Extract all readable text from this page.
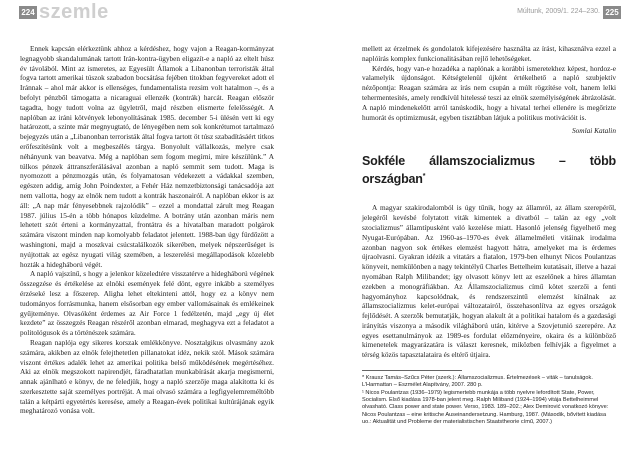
224 szemle	Múltunk, 2009/1. 224–230. 225

Ennek kapcsán elérkeztünk ahhoz a kérdéshez, hogy vajon a Reagan-kormányzat legnagyobb skandalumának tartott Irán-kontra-ügyben eligazít-e a napló az eltelt húsz év távolából. Mint az ismeretes, az Egyesült Államok a Libanonban terroristák által fogva tartott amerikai túszok szabadon bocsátása fejében titokban fegyvereket adott el Iránnak – ahol már akkor is ellenséges, fundamentalista rezsim volt hatalmon –, és a befolyt pénzből támogatta a nicaraguai ellenzék (kontrák) harcát. Reagan először tagadta, hogy tudott volna az ügyletről, majd részben elismerte felelősségét. A naplóban az iráni kötvények lebonyolításának 1985. december 5-i ülésén vett ki egy határozott, a szinte már megnyugtató, de lényegében nem sok konkrétumot tartalmazó bejegyzés után a „Libanonban terroristák által fogva tartott öt túsz szabadításáért titkos erőfeszítésünk volt a megbeszélés tárgya. Bonyolult vállalkozás, melyre csak néhányunk van beavatva. Még a naplóban sem fogom megírni, mire készülünk.” A túlkos pénzek áttranszferálásával azonban a napló semmit sem tudott. Maga is nyomozott a pénzmozgás után, és folyamatosan védekezett a vádakkal szemben, egészen addig, amíg John Poindexter, a Fehér Ház nemzetbiztonsági tanácsadója azt nem vallotta, hogy az elnök nem tudott a kontrák haszonairól. A naplóban ekkor is az áll: „A nap már fényesebbnek rajzolódik” – ezzel a mondattal zárult meg Reagan 1987. július 15-én a több hónapos küzdelme. A botrány után azonban máris nem lehetett szót érteni a kormányzattal, frontátra és a hivatalban maradott polgárok számára viszont minden nap komolyabb feladatot jelentett. 1988-ban úgy fürdőzött a washingtoni, majd a moszkvai csúcstalálkozók sikerében, melyek népszerűséget is nyújtottak az egész nyugati világ szemében, a leszerelési megállapodások közelebb hozták a hidegháború végét.

A napló vajszínű, s hogy a jelenkor közeledtére visszatérve a hidegháború végének összegzése és értékelése az elnöki események felé dönt, egyre inkább a személyes érzéseké lesz a főszerep. Aligha lehet eltekinteni attól, hogy ez a könyv nem tudományos forrásmunka, hanem elsősorban egy ember vallomásainak és emlékeinek gyűjteménye. Olvasóként érdemes az Air Force 1 fedélzetén, majd „egy új élet kezdete” az összegzés Reagan részéről azonban elmarad, meghagyva ezt a feladatot a politológusok és a történészek számára.

Reagan naplója egy sikeres korszak emlékkönyve. Nosztalgikus olvasmány azok számára, akikben az elnök felejthetetlen pillanatokat idéz, nekik szól. Mások számára viszont értékes adalék lehet az amerikai politika belső működésének megértéséhez. Aki az elnök megszokott napirendjét, fáradhatatlan munkabírását akarja megismerni, annak ajánlható e könyv, de ne feledjük, hogy a napló szerzője maga alakította ki és szerkesztette saját személyes portréját. A mai olvasó számára a legfigyelemreméltóbb talán a kétpárti egyetértés keresése, amely a Reagan-évek politikai kultúrájának egyik meghatározó vonása volt.

mellett az érzelmek és gondolatok kifejezésére használta az írást, kihasználva ezzel a naplóírás komplex funkcionalitásában rejlő lehetőségeket.

Kérdés, hogy van-e hozadéka a naplónak a korábbi ismeretekhez képest, hordoz-e valamelyik újdonságot. Kétségtelenül újként értékelhető a napló szubjektív nézőpontja: Reagan számára az írás nem csupán a múlt rögzítése volt, hanem lelki tehermentesítés, amely rendkívül hitelessé teszi az elnök személyiségének ábrázolását. A napló mindenekelőtt arról tanúskodik, hogy a hivatal terhei ellenére is megőrizte humorát és optimizmusát, egyben tisztábban látjuk a politikus motivációit is.

Somlai Katalin

Sokféle államszocializmus – több országban*

A magyar szakirodalomból is úgy tűnik, hogy az államról, az állam szerepéről, jelegéről kevésbé folytatott viták kimentek a divatból – talán az egy „volt szocializmus” államtípusként való kezelése miatt. Hasonló jelenség figyelhető meg Nyugat-Európában. Az 1960-as–1970-es évek államelméleti vitáinak irodalma azonban nagyon sok értékes elemzést hagyott hátra, amelyeket ma is érdemes újraolvasni. Gyakran idézik a vitatárs a fiatalon, 1979-ben elhunyt Nicos Poulantzas könyveit, nemkülönben a nagy tekintélyű Charles Bettelheim kutatásait, illetve a hazai nyomában Ralph Milibandet; így olvasott könyv lett az eszelőnek a híres államtan ezekben a monográfiákban. Az Államszocializmus című kötet szerzői a fenti hagyományhoz kapcsolódnak, és rendszerszintű elemzést kínálnak az államszocializmus kelet-európai változatairól, összehasonlítva az egyes országok fejlődését. A szerzők bemutatják, hogyan alakult át a politikai hatalom és a gazdasági irányítás viszonya a második világháború után, kitérve a Szovjetunió szerepére. Az egyes esettanulmányok az 1989-es fordulat előzményeire, okaira és a különböző kimenetelek magyarázatára is választ keresnek, miközben felhívják a figyelmet a térség közös tapasztalataira és eltérő útjaira.

* Krausz Tamás–Szűcs Péter (szerk.): Államszocializmus. Értelmezések – viták – tanulságok. L’Harmattan – Eszmélet Alapítvány, 2007. 280 p.
¹ Nicos Poulantzas (1936–1979) legismertebb munkája a több nyelvre lefordított State, Power, Socialism. Első kiadása 1978-ban jelent meg. Ralph Miliband (1924–1994) vitája Bettelheimmel olvasható. Class power and state power. Verso, 1983. 189–202.; Alex Demirović vonatkozó könyve: Nicos Poulantzas – eine kritische Auseinandersetzung. Hamburg, 1987. (Második, bővített kiadása uo.: Aktualität und Probleme der materialistischen Staatstheorie című, 2007.)
